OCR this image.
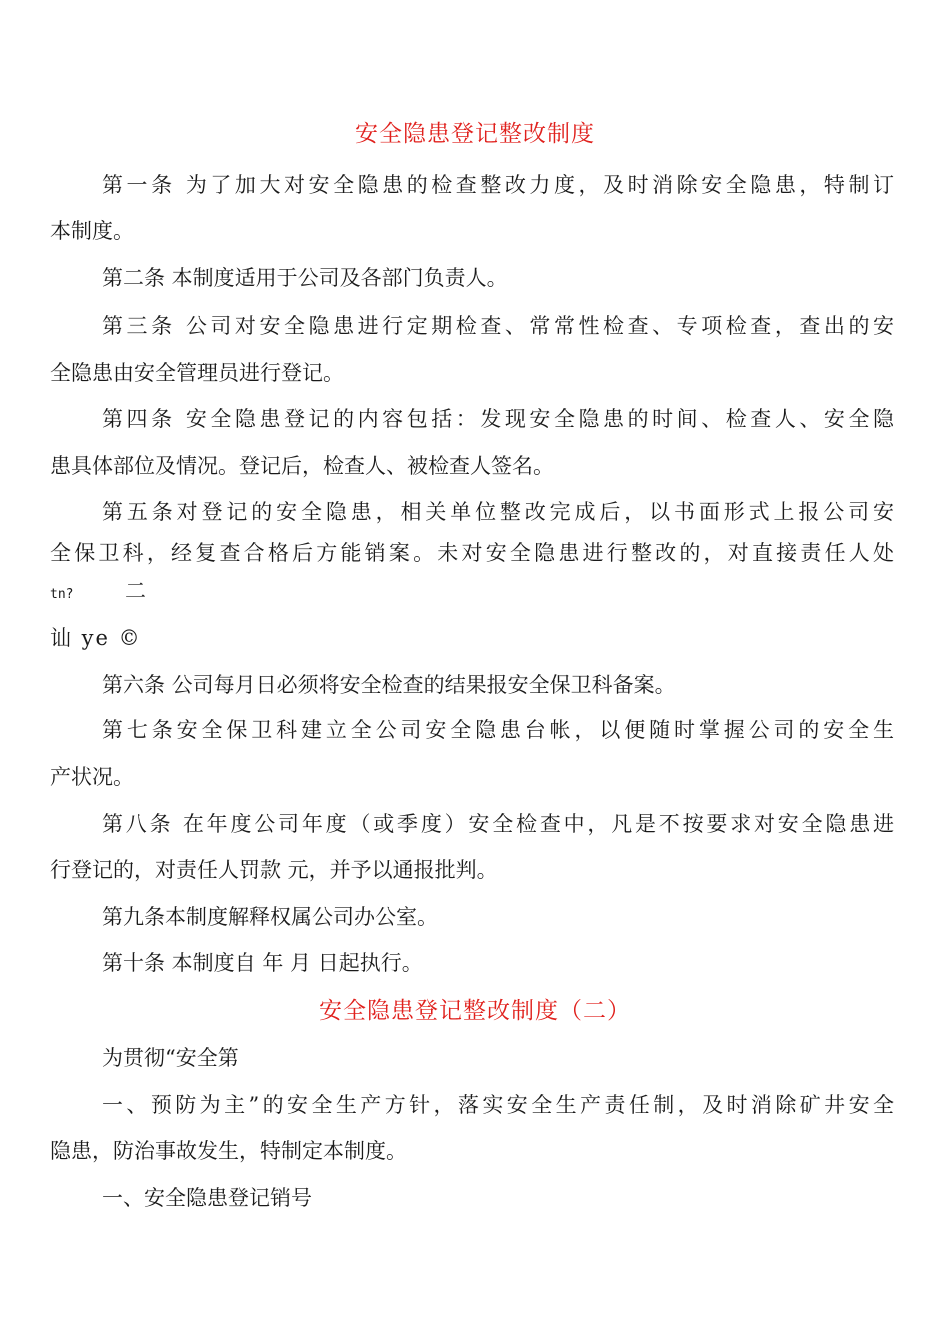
安全隐患登记整改制度
第一条 为了加大对安全隐患的检查整改力度，及时消除安全隐患，特制订
本制度。
第二条 本制度适用于公司及各部门负责人。
第三条 公司对安全隐患进行定期检查、常常性检查、专项检查，查出的安
全隐患由安全管理员进行登记。
第四条 安全隐患登记的内容包括：发现安全隐患的时间、检查人、安全隐
患具体部位及情况。登记后，检查人、被检查人签名。
第五条对登记的安全隐患，相关单位整改完成后，以书面形式上报公司安
全保卫科，经复查合格后方能销案。未对安全隐患进行整改的，对直接责任人处
tn? 二
讪 ye ©
第六条 公司每月日必须将安全检查的结果报安全保卫科备案。
第七条安全保卫科建立全公司安全隐患台帐，以便随时掌握公司的安全生
产状况。
第八条 在年度公司年度（或季度）安全检查中，凡是不按要求对安全隐患进
行登记的，对责任人罚款 元，并予以通报批判。
第九条本制度解释权属公司办公室。
第十条 本制度自 年 月 日起执行。
安全隐患登记整改制度（二）
为贯彻“安全第
一、预防为主”的安全生产方针，落实安全生产责任制，及时消除矿井安全
隐患，防治事故发生，特制定本制度。
一、安全隐患登记销号
